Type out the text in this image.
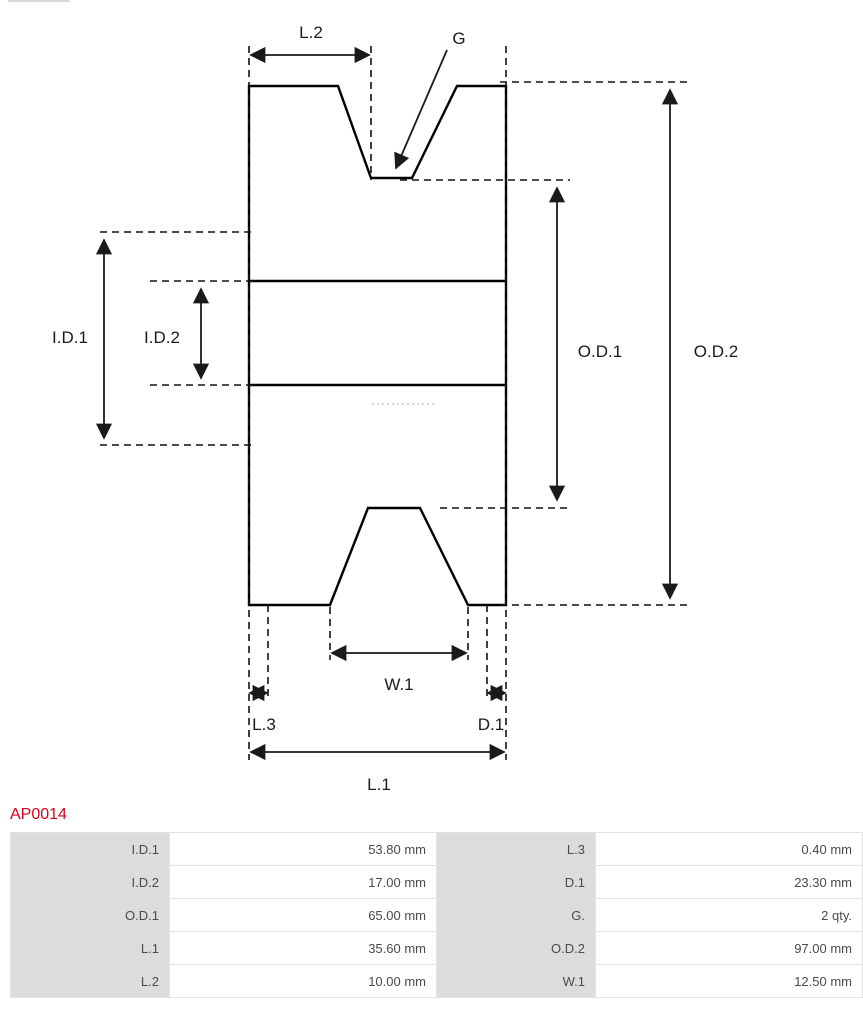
L.2	G
I.D.1	I.D.2
O.D.1	O.D.2
W.1
L.3	D.1
L.1
AP0014
I.D.1	53.80 mm	L.3	0.40 mm
I.D.2	17.00 mm	D.1	23.30 mm
O.D.1	65.00 mm	G.	2 qty.
L.1	35.60 mm	O.D.2	97.00 mm
L.2	10.00 mm	W.1	12.50 mm
